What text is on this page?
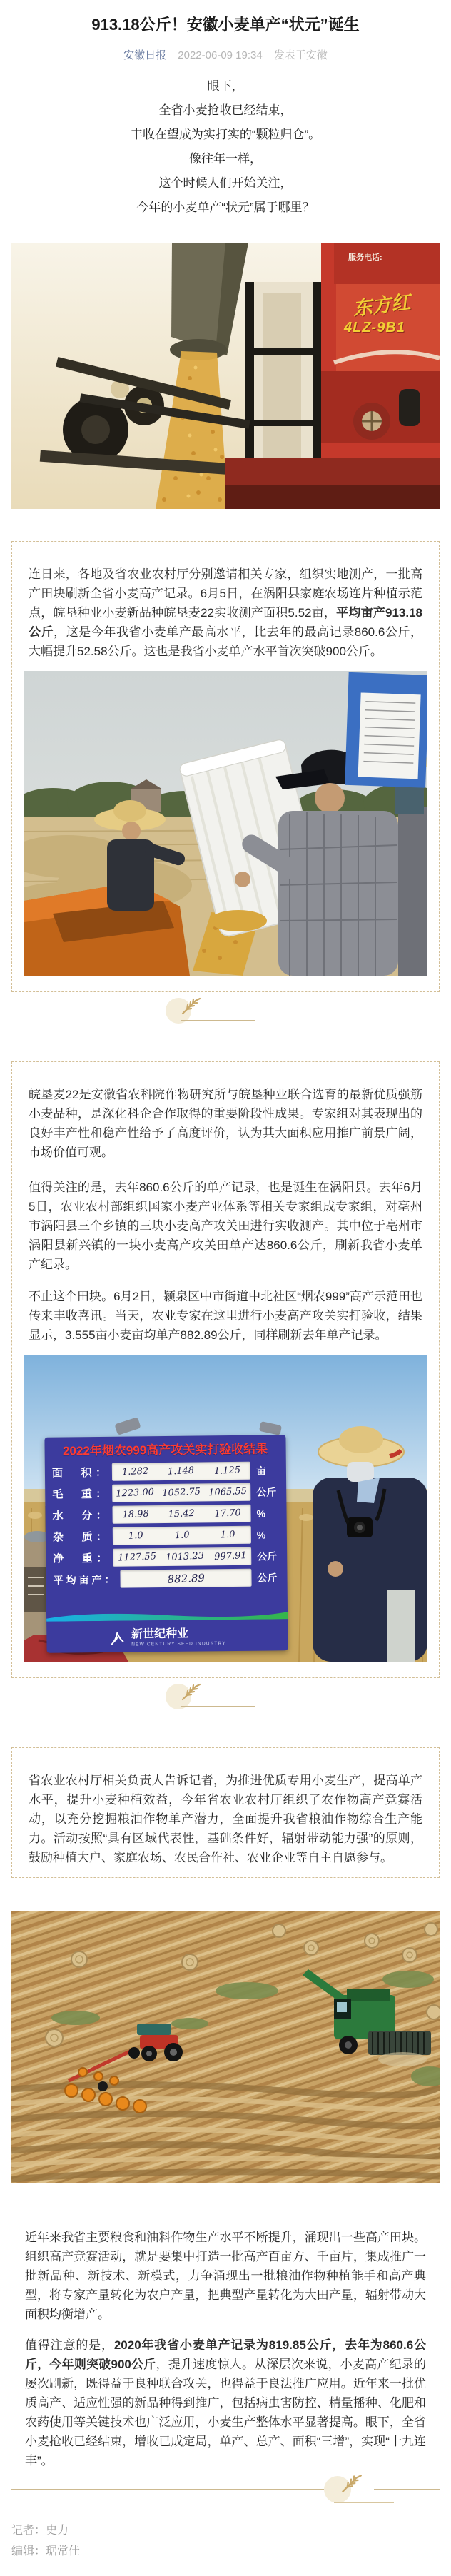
913.18公斤！安徽小麦单产“状元”诞生
安徽日报 2022-06-09 19:34 发表于安徽

眼下，

全省小麦抢收已经结束，

丰收在望成为实打实的“颗粒归仓”。

像往年一样，

这个时候人们开始关注，

今年的小麦单产“状元”属于哪里？

服务电话:
东方红
4LZ-9B1

连日来，各地及省农业农村厅分别邀请相关专家，组织实地测产，一批高产田块刷新全省小麦高产记录。6月5日，在涡阳县家庭农场连片种植示范点，皖垦种业小麦新品种皖垦麦22实收测产面积5.52亩，平均亩产913.18公斤，这是今年我省小麦单产最高水平，比去年的最高记录860.6公斤，大幅提升52.58公斤。这也是我省小麦单产水平首次突破900公斤。

皖垦麦22是安徽省农科院作物研究所与皖垦种业联合选育的最新优质强筋小麦品种，是深化科企合作取得的重要阶段性成果。专家组对其表现出的良好丰产性和稳产性给予了高度评价，认为其大面积应用推广前景广阔，市场价值可观。

值得关注的是，去年860.6公斤的单产记录，也是诞生在涡阳县。去年6月5日，农业农村部组织国家小麦产业体系等相关专家组成专家组，对亳州市涡阳县三个乡镇的三块小麦高产攻关田进行实收测产。其中位于亳州市涡阳县新兴镇的一块小麦高产攻关田单产达860.6公斤，刷新我省小麦单产纪录。

不止这个田块。6月2日，颍泉区中市街道中北社区“烟农999”高产示范田也传来丰收喜讯。当天，农业专家在这里进行小麦高产攻关实打验收，结果显示，3.555亩小麦亩均单产882.89公斤，同样刷新去年单产记录。

2022年烟农999高产攻关实打验收结果
面　积： 1.282 1.148 1.125 亩
毛　重： 1223.00 1052.75 1065.55 公斤
水　分： 18.98 15.42 17.70 %
杂　质： 1.0	1.0	1.0 %
净　重： 1127.55 1013.23 997.91 公斤
平均亩产：	882.89	公斤
新世纪种业
NEW CENTURY SEED INDUSTRY

省农业农村厅相关负责人告诉记者，为推进优质专用小麦生产，提高单产水平，提升小麦种植效益，今年省农业农村厅组织了农作物高产竞赛活动，以充分挖掘粮油作物单产潜力，全面提升我省粮油作物综合生产能力。活动按照“具有区域代表性，基础条件好，辐射带动能力强”的原则，鼓励种植大户、家庭农场、农民合作社、农业企业等自主自愿参与。

近年来我省主要粮食和油料作物生产水平不断提升，涌现出一些高产田块。组织高产竞赛活动，就是要集中打造一批高产百亩方、千亩片，集成推广一批新品种、新技术、新模式，力争涌现出一批粮油作物种植能手和高产典型，将专家产量转化为农户产量，把典型产量转化为大田产量，辐射带动大面积均衡增产。

值得注意的是，2020年我省小麦单产记录为819.85公斤，去年为860.6公斤，今年则突破900公斤，提升速度惊人。从深层次来说，小麦高产纪录的屡次刷新，既得益于良种联合攻关，也得益于良法推广应用。近年来一批优质高产、适应性强的新品种得到推广，包括病虫害防控、精量播种、化肥和农药使用等关键技术也广泛应用，小麦生产整体水平显著提高。眼下，全省小麦抢收已经结束，增收已成定局，单产、总产、面积“三增”，实现“十九连丰”。

记者：史力

编辑：琚常佳
